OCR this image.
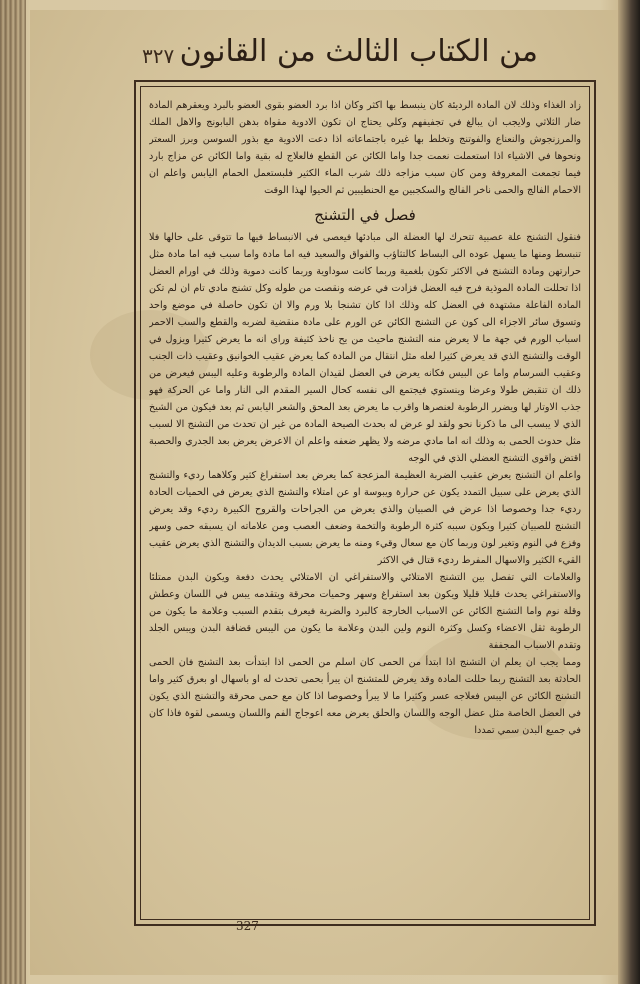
٣٢٧ من الكتاب الثالث من القانون

زاد الغذاء وذلك لان المادة الرديئة كان ينبسط بها اكثر وكان اذا برد العضو بقوى العضو بالبرد ويعقرهم المادة ضار الثلاثي ولايجب ان يبالغ في تجفيفهم وكلي يحتاج ان تكون الادوية مقواة بدهن البابونج والاهل الملك والمرزنجوش والنعناع والفوتنج وتخلط بها غيره باجتماعاته اذا دعت الادوية مع بذور السوسن وبرز السعتر ونحوها في الاشياء اذا استعملت نعمت جدا واما الكائن عن القطع فالعلاج له بقية واما الكائن عن مزاج بارد فيما تجمعت المعروفة ومن كان سبب مزاجه ذلك شرب الماء الكثير فلبستعمل الحمام اليابس واعلم ان الاحمام الفالج والحمى ناخر الفالج والسكجبين مع الحنطيبين ثم الحيوا لهذا الوقت

فصل في التشنج

فنقول التشنج علة عصبية تتحرك لها العضلة الى مبادئها فيعصى في الانبساط فيها ما تتوقى على حالها فلا تنبسط ومنها ما يسهل عوده الى البساط كالتثاؤب والفواق والسعيد فيه اما مادة واما سبب فيه اما مادة مثل حرارتهن ومادة التشنج في الاكثر تكون بلغمية وربما كانت سوداوية وربما كانت دموية وذلك في اورام العضل اذا تحللت المادة الموذية فرح فيه العضل فزادت في عرضه ونقصت من طوله وكل تشنج مادي تام ان لم تكن المادة الفاعلة مشتهدة في العضل كله وذلك اذا كان تشنجا بلا ورم والا ان تكون حاصلة في موضع واحد وتسوق سائر الاجزاء الى كون عن التشنج الكائن عن الورم على مادة منقضية لضربه والقطع والسب الاحمر اسباب الورم في جهة ما لا يعرض منه التشنج ماحيث من يح ناخذ كثيفة وراى انه ما يعرض كثيرا ويزول في الوقت والتشنج الذي قد يعرض كثيرا لعله مثل انتقال من المادة كما يعرض عقيب الخوانيق وعقيب ذات الجنب وعقيب السرسام واما عن البيس فكانه يعرض في العضل لقيدان المادة والرطوبة وعليه اليبس فيعرض من ذلك ان تنقبض طولا وعرضا وينستوي فيجتمع الى نفسه كحال السير المقدم الى النار واما عن الحركة فهو جذب الاوتار لها ويضرر الرطوبة لعنصرها واقرب ما يعرض بعد المحق والشعر اليابس ثم بعد فيكون من الشيخ الذي لا يبسب الى ما ذكرنا نحو ولقد لو عرض له بحدث الصيحة المادة من غير ان تحدث من التشنج الا لسبب مثل حدوث الحمى به وذلك انه اما مادي مرضه ولا يظهر ضعفه واعلم ان الاعرض يعرض بعد الجدري والحصبة اقتض واقوى التشنج العضلي الذي في الوجه

واعلم ان التشنج يعرض عقيب الضربة العظيمة المزعجة كما يعرض بعد استفراغ كثير وكلاهما رديء والتشنج الذي يعرض على سبيل التمدد يكون عن حرارة ويبوسة او عن امتلاء والتشنج الذي يعرض في الحميات الحادة رديء جدا وخصوصا اذا عرض في الصبيان والذي يعرض من الجراحات والقروح الكبيرة رديء وقد يعرض التشنج للصبيان كثيرا ويكون سببه كثرة الرطوبة والتخمة وضعف العصب ومن علاماته ان يسبقه حمى وسهر وفزع في النوم وتغير لون وربما كان مع سعال وقيء ومنه ما يعرض بسبب الديدان والتشنج الذي يعرض عقيب القيء الكثير والاسهال المفرط رديء قتال في الاكثر

والعلامات التي تفصل بين التشنج الامتلائي والاستفراغي ان الامتلائي يحدث دفعة ويكون البدن ممتلئا والاستفراغي يحدث قليلا قليلا ويكون بعد استفراغ وسهر وحميات محرقة ويتقدمه يبس في اللسان وعطش وقلة نوم واما التشنج الكائن عن الاسباب الخارجة كالبرد والضربة فيعرف بتقدم السبب وعلامة ما يكون من الرطوبة ثقل الاعضاء وكسل وكثرة النوم ولين البدن وعلامة ما يكون من اليبس قضافة البدن ويبس الجلد وتقدم الاسباب المجففة

ومما يجب ان يعلم ان التشنج اذا ابتدأ من الحمى كان اسلم من الحمى اذا ابتدأت بعد التشنج فان الحمى الحادثة بعد التشنج ربما حللت المادة وقد يعرض للمتشنج ان يبرأ بحمى تحدث له او باسهال او بعرق كثير واما التشنج الكائن عن اليبس فعلاجه عسر وكثيرا ما لا يبرأ وخصوصا اذا كان مع حمى محرقة والتشنج الذي يكون في العضل الخاصة مثل عضل الوجه واللسان والحلق يعرض معه اعوجاج الفم واللسان ويسمى لقوة فاذا كان في جميع البدن سمي تمددا

327
